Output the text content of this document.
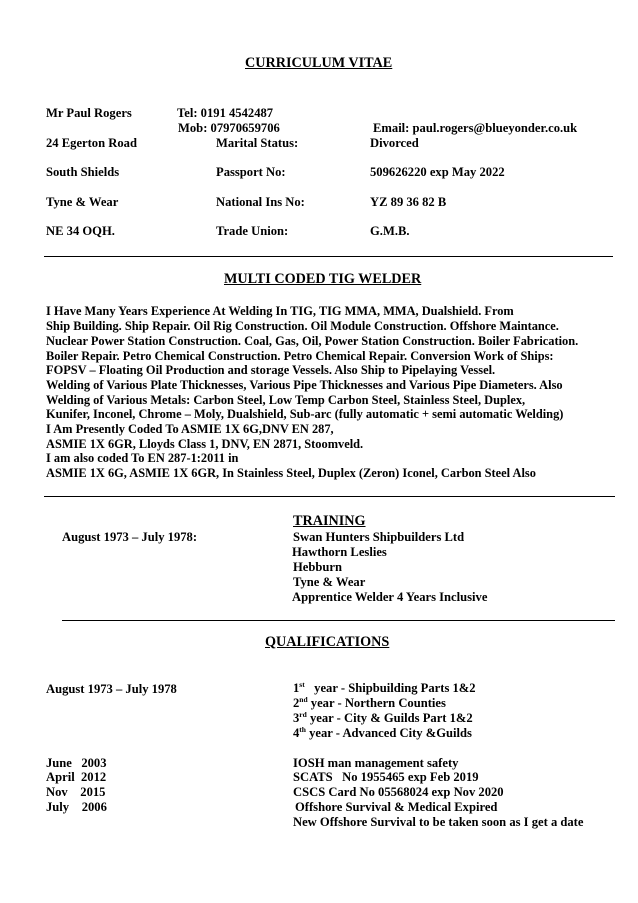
CURRICULUM VITAE
Mr Paul Rogers	Tel: 0191 4542487
Mob: 07970659706	Email: paul.rogers@blueyonder.co.uk
24 Egerton Road	Marital Status:	Divorced
South Shields	Passport No:	509626220 exp May 2022
Tyne & Wear	National Ins No:	YZ 89 36 82 B
NE 34 OQH.	Trade Union:	G.M.B.
MULTI CODED TIG WELDER
I Have Many Years Experience At Welding In TIG, TIG MMA, MMA, Dualshield. From
Ship Building. Ship Repair. Oil Rig Construction. Oil Module Construction. Offshore Maintance.
Nuclear Power Station Construction. Coal, Gas, Oil, Power Station Construction. Boiler Fabrication.
Boiler Repair. Petro Chemical Construction. Petro Chemical Repair. Conversion Work of Ships:
FOPSV – Floating Oil Production and storage Vessels. Also Ship to Pipelaying Vessel.
Welding of Various Plate Thicknesses, Various Pipe Thicknesses and Various Pipe Diameters. Also
Welding of Various Metals: Carbon Steel, Low Temp Carbon Steel, Stainless Steel, Duplex,
Kunifer, Inconel, Chrome – Moly, Dualshield, Sub-arc (fully automatic + semi automatic Welding)
I Am Presently Coded To ASMIE 1X 6G,DNV EN 287,
ASMIE 1X 6GR, Lloyds Class 1, DNV, EN 2871, Stoomveld.
I am also coded To EN 287-1:2011 in
ASMIE 1X 6G, ASMIE 1X 6GR, In Stainless Steel, Duplex (Zeron) Iconel, Carbon Steel Also
TRAINING
August 1973 – July 1978:	Swan Hunters Shipbuilders Ltd
Hawthorn Leslies
Hebburn
Tyne & Wear
Apprentice Welder 4 Years Inclusive
QUALIFICATIONS
August 1973 – July 1978	1st   year - Shipbuilding Parts 1&2
2nd year - Northern Counties
3rd year - City & Guilds Part 1&2
4th year - Advanced City &Guilds
June   2003	IOSH man management safety
April  2012	SCATS   No 1955465 exp Feb 2019
Nov    2015	CSCS Card No 05568024 exp Nov 2020
July    2006	Offshore Survival & Medical Expired
New Offshore Survival to be taken soon as I get a date
